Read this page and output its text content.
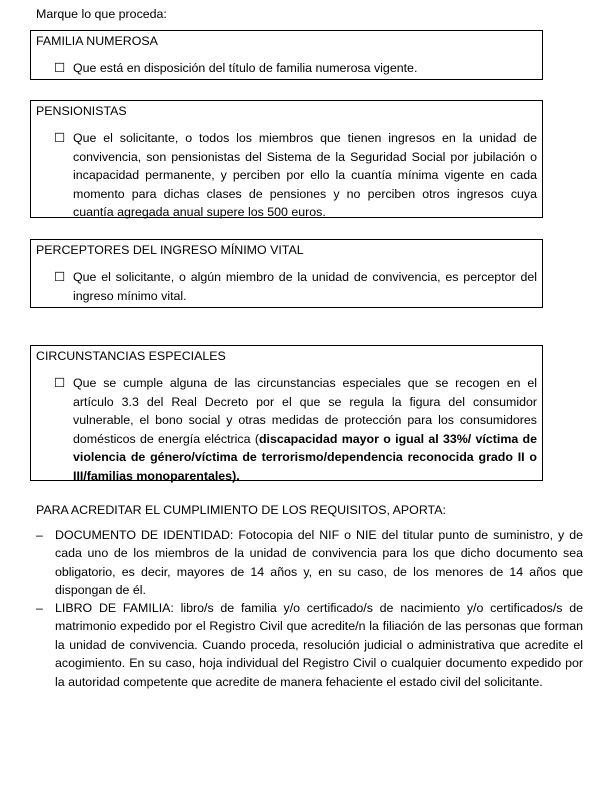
Marque lo que proceda:
FAMILIA NUMEROSA
☐ Que está en disposición del título de familia numerosa vigente.
PENSIONISTAS
☐ Que el solicitante, o todos los miembros que tienen ingresos en la unidad de convivencia, son pensionistas del Sistema de la Seguridad Social por jubilación o incapacidad permanente, y perciben por ello la cuantía mínima vigente en cada momento para dichas clases de pensiones y no perciben otros ingresos cuya cuantía agregada anual supere los 500 euros.
PERCEPTORES DEL INGRESO MÍNIMO VITAL
☐ Que el solicitante, o algún miembro de la unidad de convivencia, es perceptor del ingreso mínimo vital.
CIRCUNSTANCIAS ESPECIALES
☐ Que se cumple alguna de las circunstancias especiales que se recogen en el artículo 3.3 del Real Decreto por el que se regula la figura del consumidor vulnerable, el bono social y otras medidas de protección para los consumidores domésticos de energía eléctrica (discapacidad mayor o igual al 33%/ víctima de violencia de género/víctima de terrorismo/dependencia reconocida grado II o III/familias monoparentales).
PARA ACREDITAR EL CUMPLIMIENTO DE LOS REQUISITOS, APORTA:
– DOCUMENTO DE IDENTIDAD: Fotocopia del NIF o NIE del titular punto de suministro, y de cada uno de los miembros de la unidad de convivencia para los que dicho documento sea obligatorio, es decir, mayores de 14 años y, en su caso, de los menores de 14 años que dispongan de él.
– LIBRO DE FAMILIA: libro/s de familia y/o certificado/s de nacimiento y/o certificados/s de matrimonio expedido por el Registro Civil que acredite/n la filiación de las personas que forman la unidad de convivencia. Cuando proceda, resolución judicial o administrativa que acredite el acogimiento. En su caso, hoja individual del Registro Civil o cualquier documento expedido por la autoridad competente que acredite de manera fehaciente el estado civil del solicitante.
